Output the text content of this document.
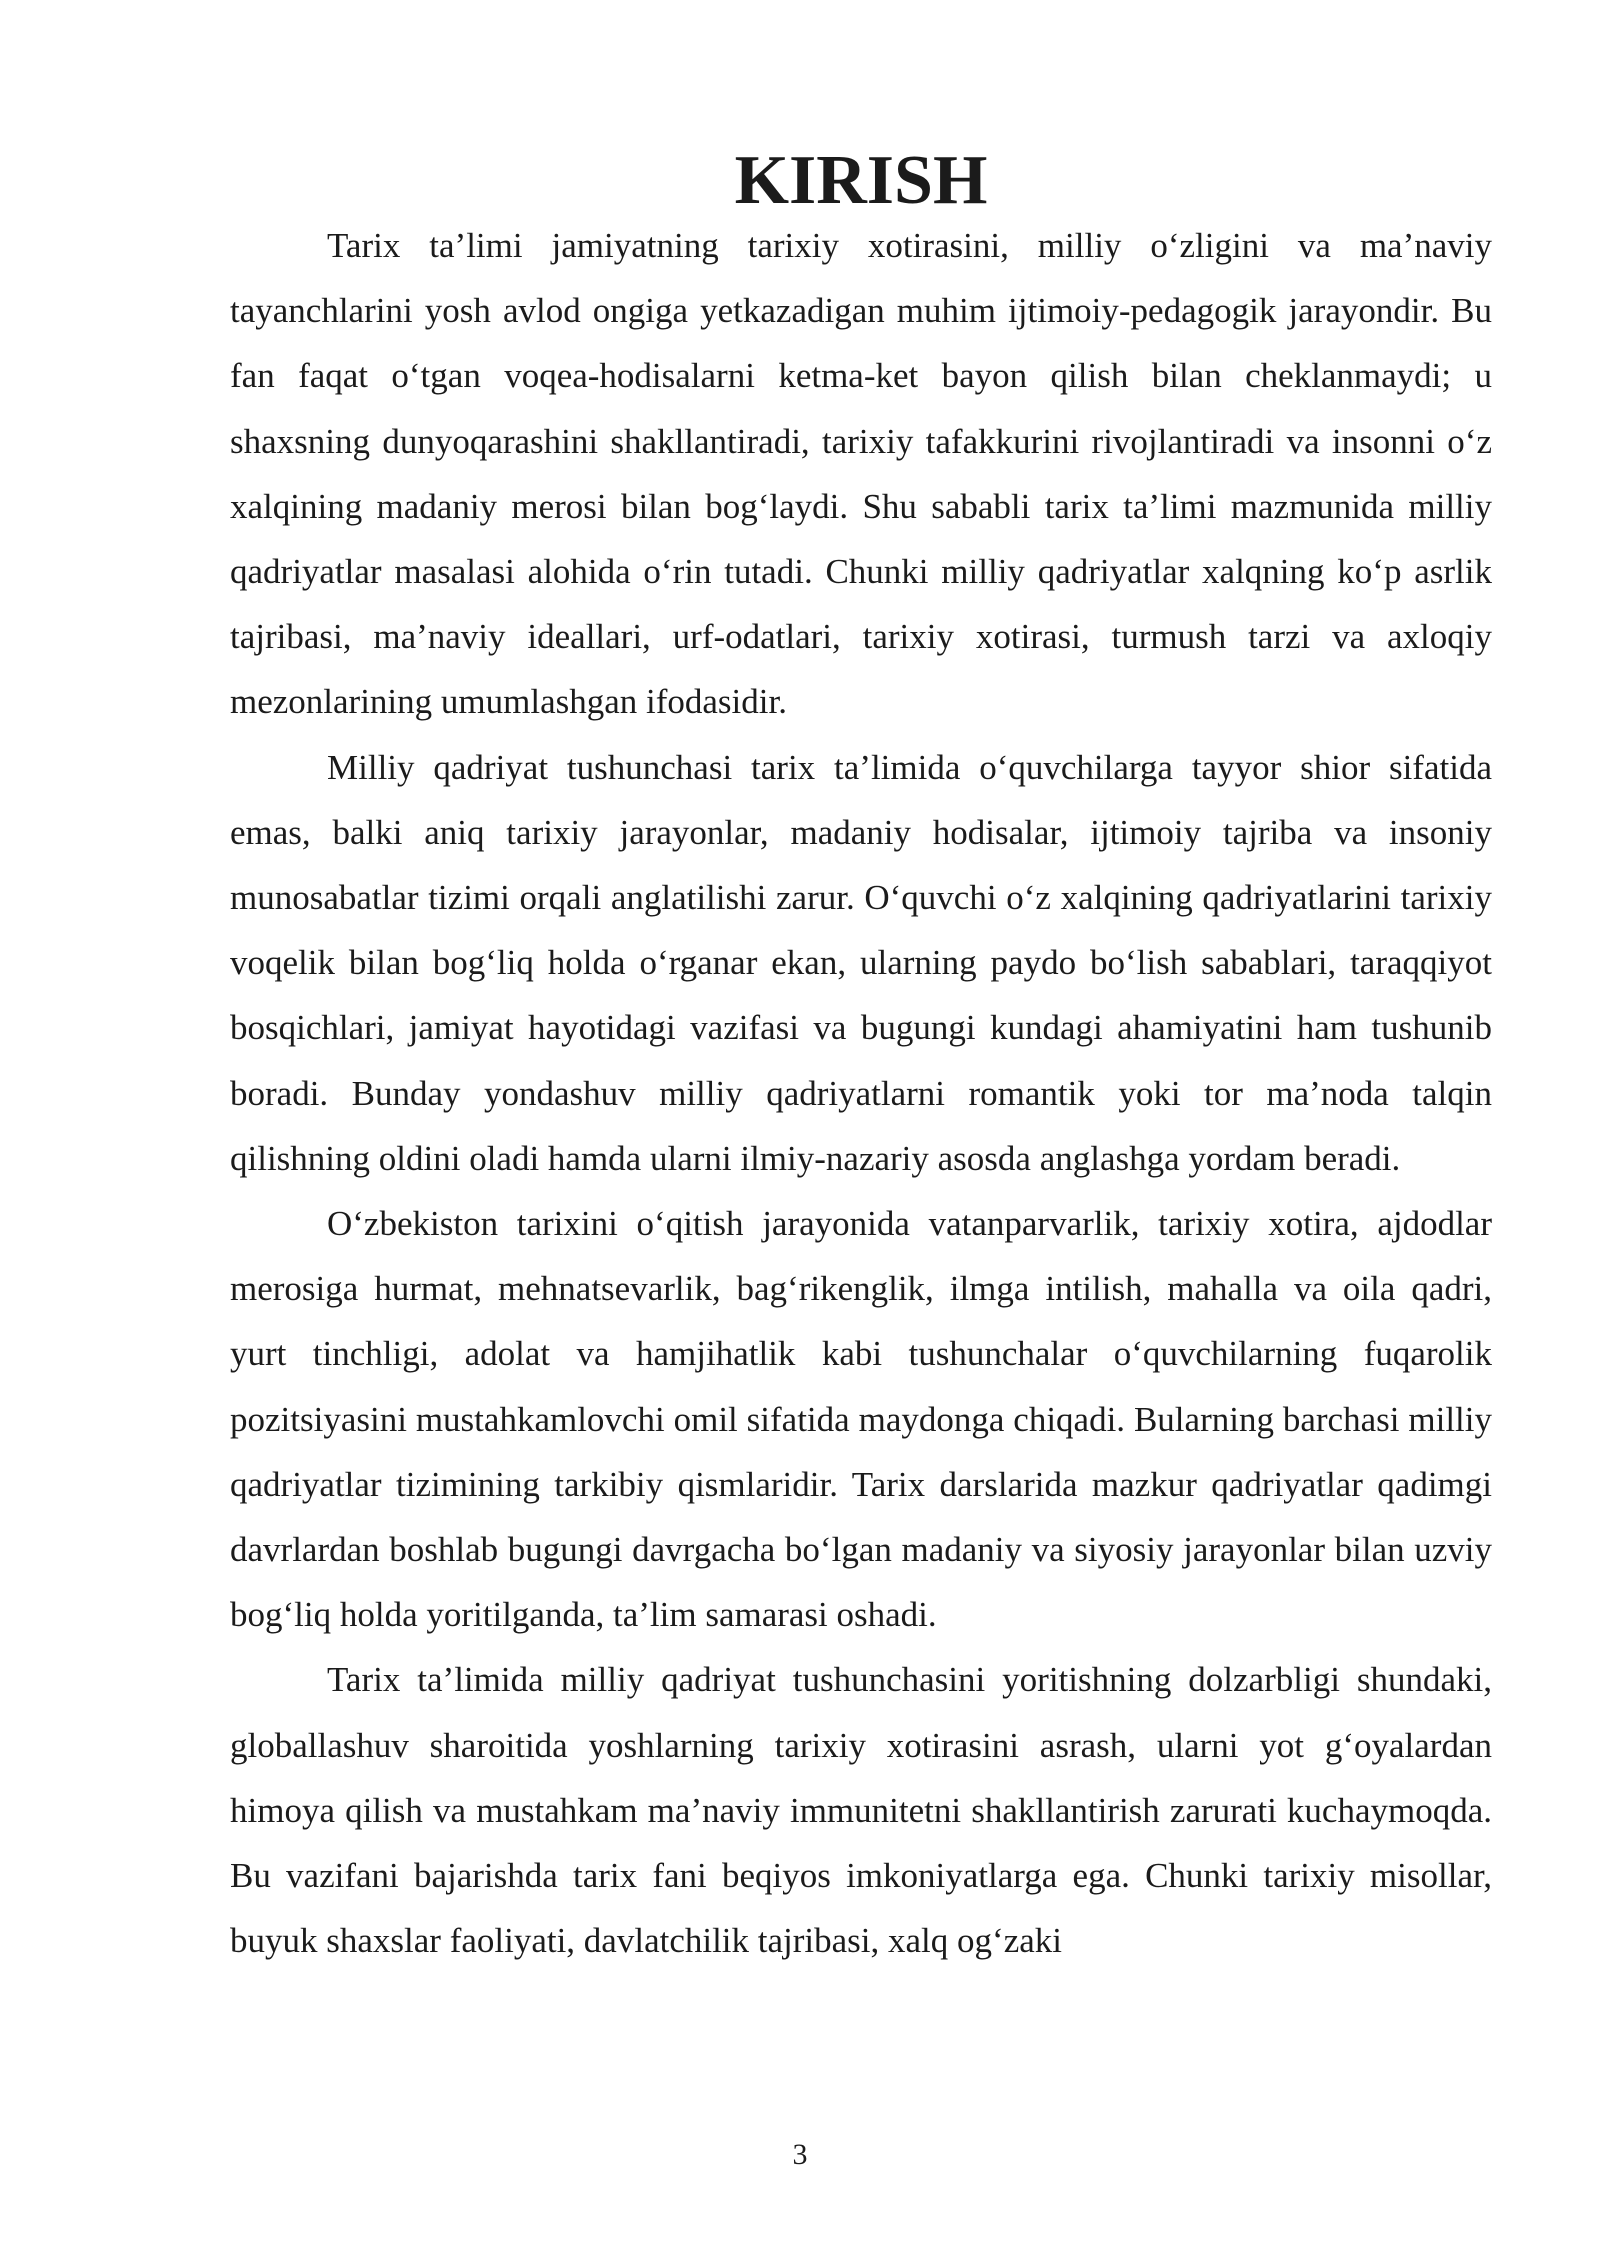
KIRISH

Tarix ta’limi jamiyatning tarixiy xotirasini, milliy o‘zligini va ma’naviy tayanchlarini yosh avlod ongiga yetkazadigan muhim ijtimoiy-pedagogik jarayondir. Bu fan faqat o‘tgan voqea-hodisalarni ketma-ket bayon qilish bilan cheklanmaydi; u shaxsning dunyoqarashini shakllantiradi, tarixiy tafakkurini rivojlantiradi va insonni o‘z xalqining madaniy merosi bilan bog‘laydi. Shu sababli tarix ta’limi mazmunida milliy qadriyatlar masalasi alohida o‘rin tutadi. Chunki milliy qadriyatlar xalqning ko‘p asrlik tajribasi, ma’naviy ideallari, urf-odatlari, tarixiy xotirasi, turmush tarzi va axloqiy mezonlarining umumlashgan ifodasidir.

Milliy qadriyat tushunchasi tarix ta’limida o‘quvchilarga tayyor shior sifatida emas, balki aniq tarixiy jarayonlar, madaniy hodisalar, ijtimoiy tajriba va insoniy munosabatlar tizimi orqali anglatilishi zarur. O‘quvchi o‘z xalqining qadriyatlarini tarixiy voqelik bilan bog‘liq holda o‘rganar ekan, ularning paydo bo‘lish sabablari, taraqqiyot bosqichlari, jamiyat hayotidagi vazifasi va bugungi kundagi ahamiyatini ham tushunib boradi. Bunday yondashuv milliy qadriyatlarni romantik yoki tor ma’noda talqin qilishning oldini oladi hamda ularni ilmiy-nazariy asosda anglashga yordam beradi.

O‘zbekiston tarixini o‘qitish jarayonida vatanparvarlik, tarixiy xotira, ajdodlar merosiga hurmat, mehnatsevarlik, bag‘rikenglik, ilmga intilish, mahalla va oila qadri, yurt tinchligi, adolat va hamjihatlik kabi tushunchalar o‘quvchilarning fuqarolik pozitsiyasini mustahkamlovchi omil sifatida maydonga chiqadi. Bularning barchasi milliy qadriyatlar tizimining tarkibiy qismlaridir. Tarix darslarida mazkur qadriyatlar qadimgi davrlardan boshlab bugungi davrgacha bo‘lgan madaniy va siyosiy jarayonlar bilan uzviy bog‘liq holda yoritilganda, ta’lim samarasi oshadi.

Tarix ta’limida milliy qadriyat tushunchasini yoritishning dolzarbligi shundaki, globallashuv sharoitida yoshlarning tarixiy xotirasini asrash, ularni yot g‘oyalardan himoya qilish va mustahkam ma’naviy immunitetni shakllantirish zarurati kuchaymoqda. Bu vazifani bajarishda tarix fani beqiyos imkoniyatlarga ega. Chunki tarixiy misollar, buyuk shaxslar faoliyati, davlatchilik tajribasi, xalq og‘zaki

3
